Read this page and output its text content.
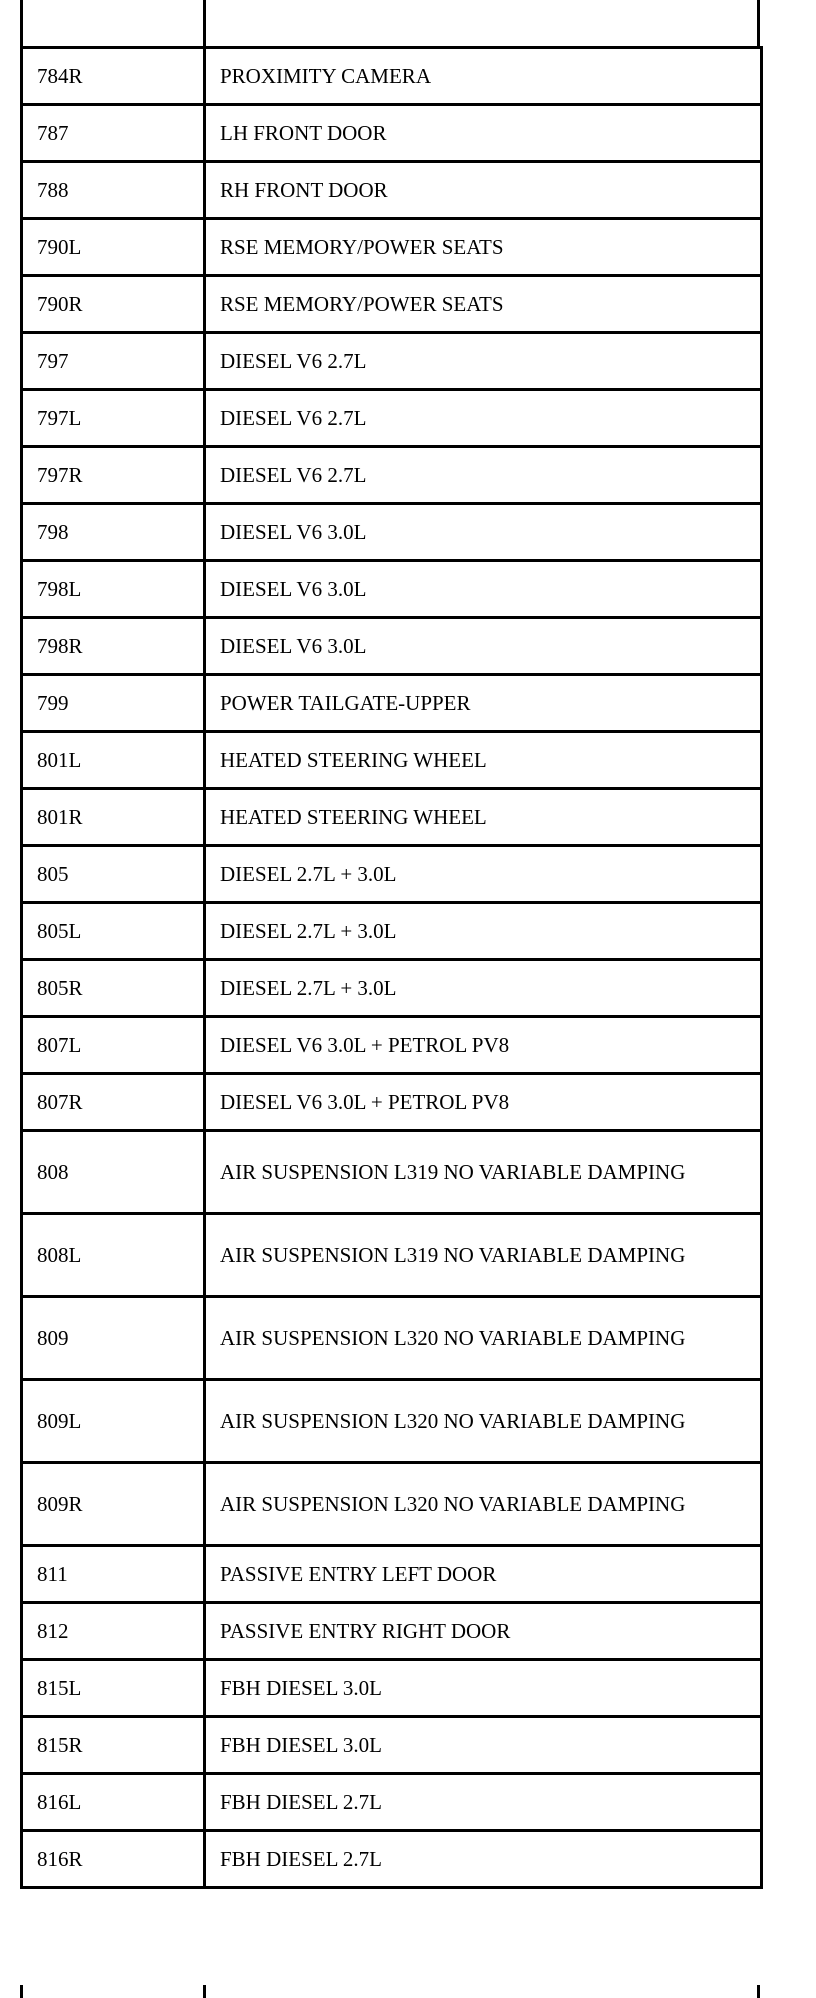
784R	PROXIMITY CAMERA
787	LH FRONT DOOR
788	RH FRONT DOOR
790L	RSE MEMORY/POWER SEATS
790R	RSE MEMORY/POWER SEATS
797	DIESEL V6 2.7L
797L	DIESEL V6 2.7L
797R	DIESEL V6 2.7L
798	DIESEL V6 3.0L
798L	DIESEL V6 3.0L
798R	DIESEL V6 3.0L
799	POWER TAILGATE-UPPER
801L	HEATED STEERING WHEEL
801R	HEATED STEERING WHEEL
805	DIESEL 2.7L + 3.0L
805L	DIESEL 2.7L + 3.0L
805R	DIESEL 2.7L + 3.0L
807L	DIESEL V6 3.0L + PETROL PV8
807R	DIESEL V6 3.0L + PETROL PV8
808	AIR SUSPENSION L319 NO VARIABLE DAMPING
808L	AIR SUSPENSION L319 NO VARIABLE DAMPING
809	AIR SUSPENSION L320 NO VARIABLE DAMPING
809L	AIR SUSPENSION L320 NO VARIABLE DAMPING
809R	AIR SUSPENSION L320 NO VARIABLE DAMPING
811	PASSIVE ENTRY LEFT DOOR
812	PASSIVE ENTRY RIGHT DOOR
815L	FBH DIESEL 3.0L
815R	FBH DIESEL 3.0L
816L	FBH DIESEL 2.7L
816R	FBH DIESEL 2.7L
